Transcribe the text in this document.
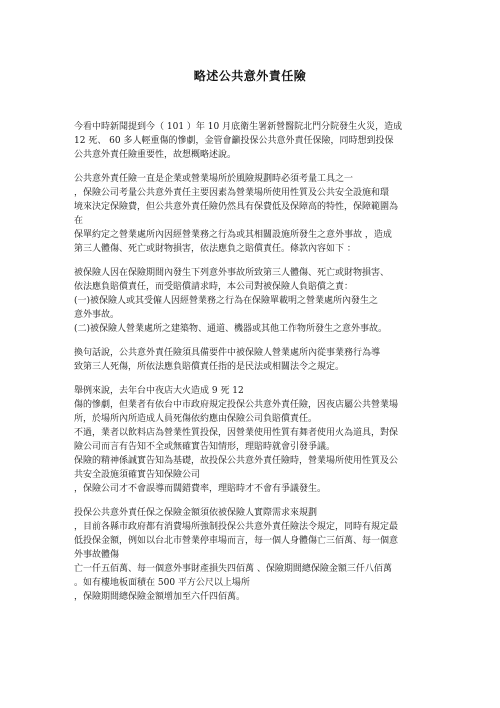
略述公共意外責任險
今看中時新聞提到今（ 101 ）年 10 月底衛生署新營醫院北門分院發生火災，造成
12 死、 60 多人輕重傷的慘劇，金管會籲投保公共意外責任保險，同時想到投保
公共意外責任險重要性，故想概略述說。
公共意外責任險一直是企業或營業場所於風險規劃時必須考量工具之一
，保險公司考量公共意外責任主要因素為營業場所使用性質及公共安全設施和環
境來決定保險費，但公共意外責任險仍然具有保費低及保障高的特性，保障範圍為
在
保單約定之營業處所內因經營業務之行為或其相關設施所發生之意外事故 ，造成
第三人體傷、死亡或財物損害，依法應負之賠償責任。條款內容如下 ：
被保險人因在保險期間內發生下列意外事故所致第三人體傷、死亡或財物損害、
依法應負賠償責任，而受賠償請求時，本公司對被保險人負賠償之責：
(一)被保險人或其受僱人因經營業務之行為在保險單載明之營業處所內發生之
意外事故。
(二)被保險人營業處所之建築物、通道、機器或其他工作物所發生之意外事故。
換句話說，公共意外責任險須具備要件中被保險人營業處所內從事業務行為導
致第三人死傷，所依法應負賠償責任指的是民法或相關法令之規定。
舉例來說，去年台中夜店大火造成 9 死 12
傷的慘劇，但業者有依台中市政府規定投保公共意外責任險，因夜店屬公共營業場
所，於場所內所造成人員死傷依約應由保險公司負賠償責任。
不過，業者以飲料店為營業性質投保，因營業使用性質有舞者使用火為道具，對保
險公司而言有告知不全或無確實告知情形，理賠時就會引發爭議。
保險的精神係誠實告知為基礎，故投保公共意外責任險時，營業場所使用性質及公
共安全設施須確實告知保險公司
，保險公司才不會誤導而闊錯費率，理賠時才不會有爭議發生。
投保公共意外責任保之保險金額須依被保險人實際需求來規劃
，目前各縣市政府都有消費場所強制投保公共意外責任險法令規定，同時有規定最
低投保金額，例如以台北市營業停車場而言，每一個人身體傷亡三佰萬、每一個意
外事故體傷
亡一仟五佰萬、每一個意外事財產損失四佰萬 、保險期間總保險金額三仟八佰萬
。如有樓地板面積在 500 平方公尺以上場所
，保險期間總保險金額增加至六仟四佰萬。
